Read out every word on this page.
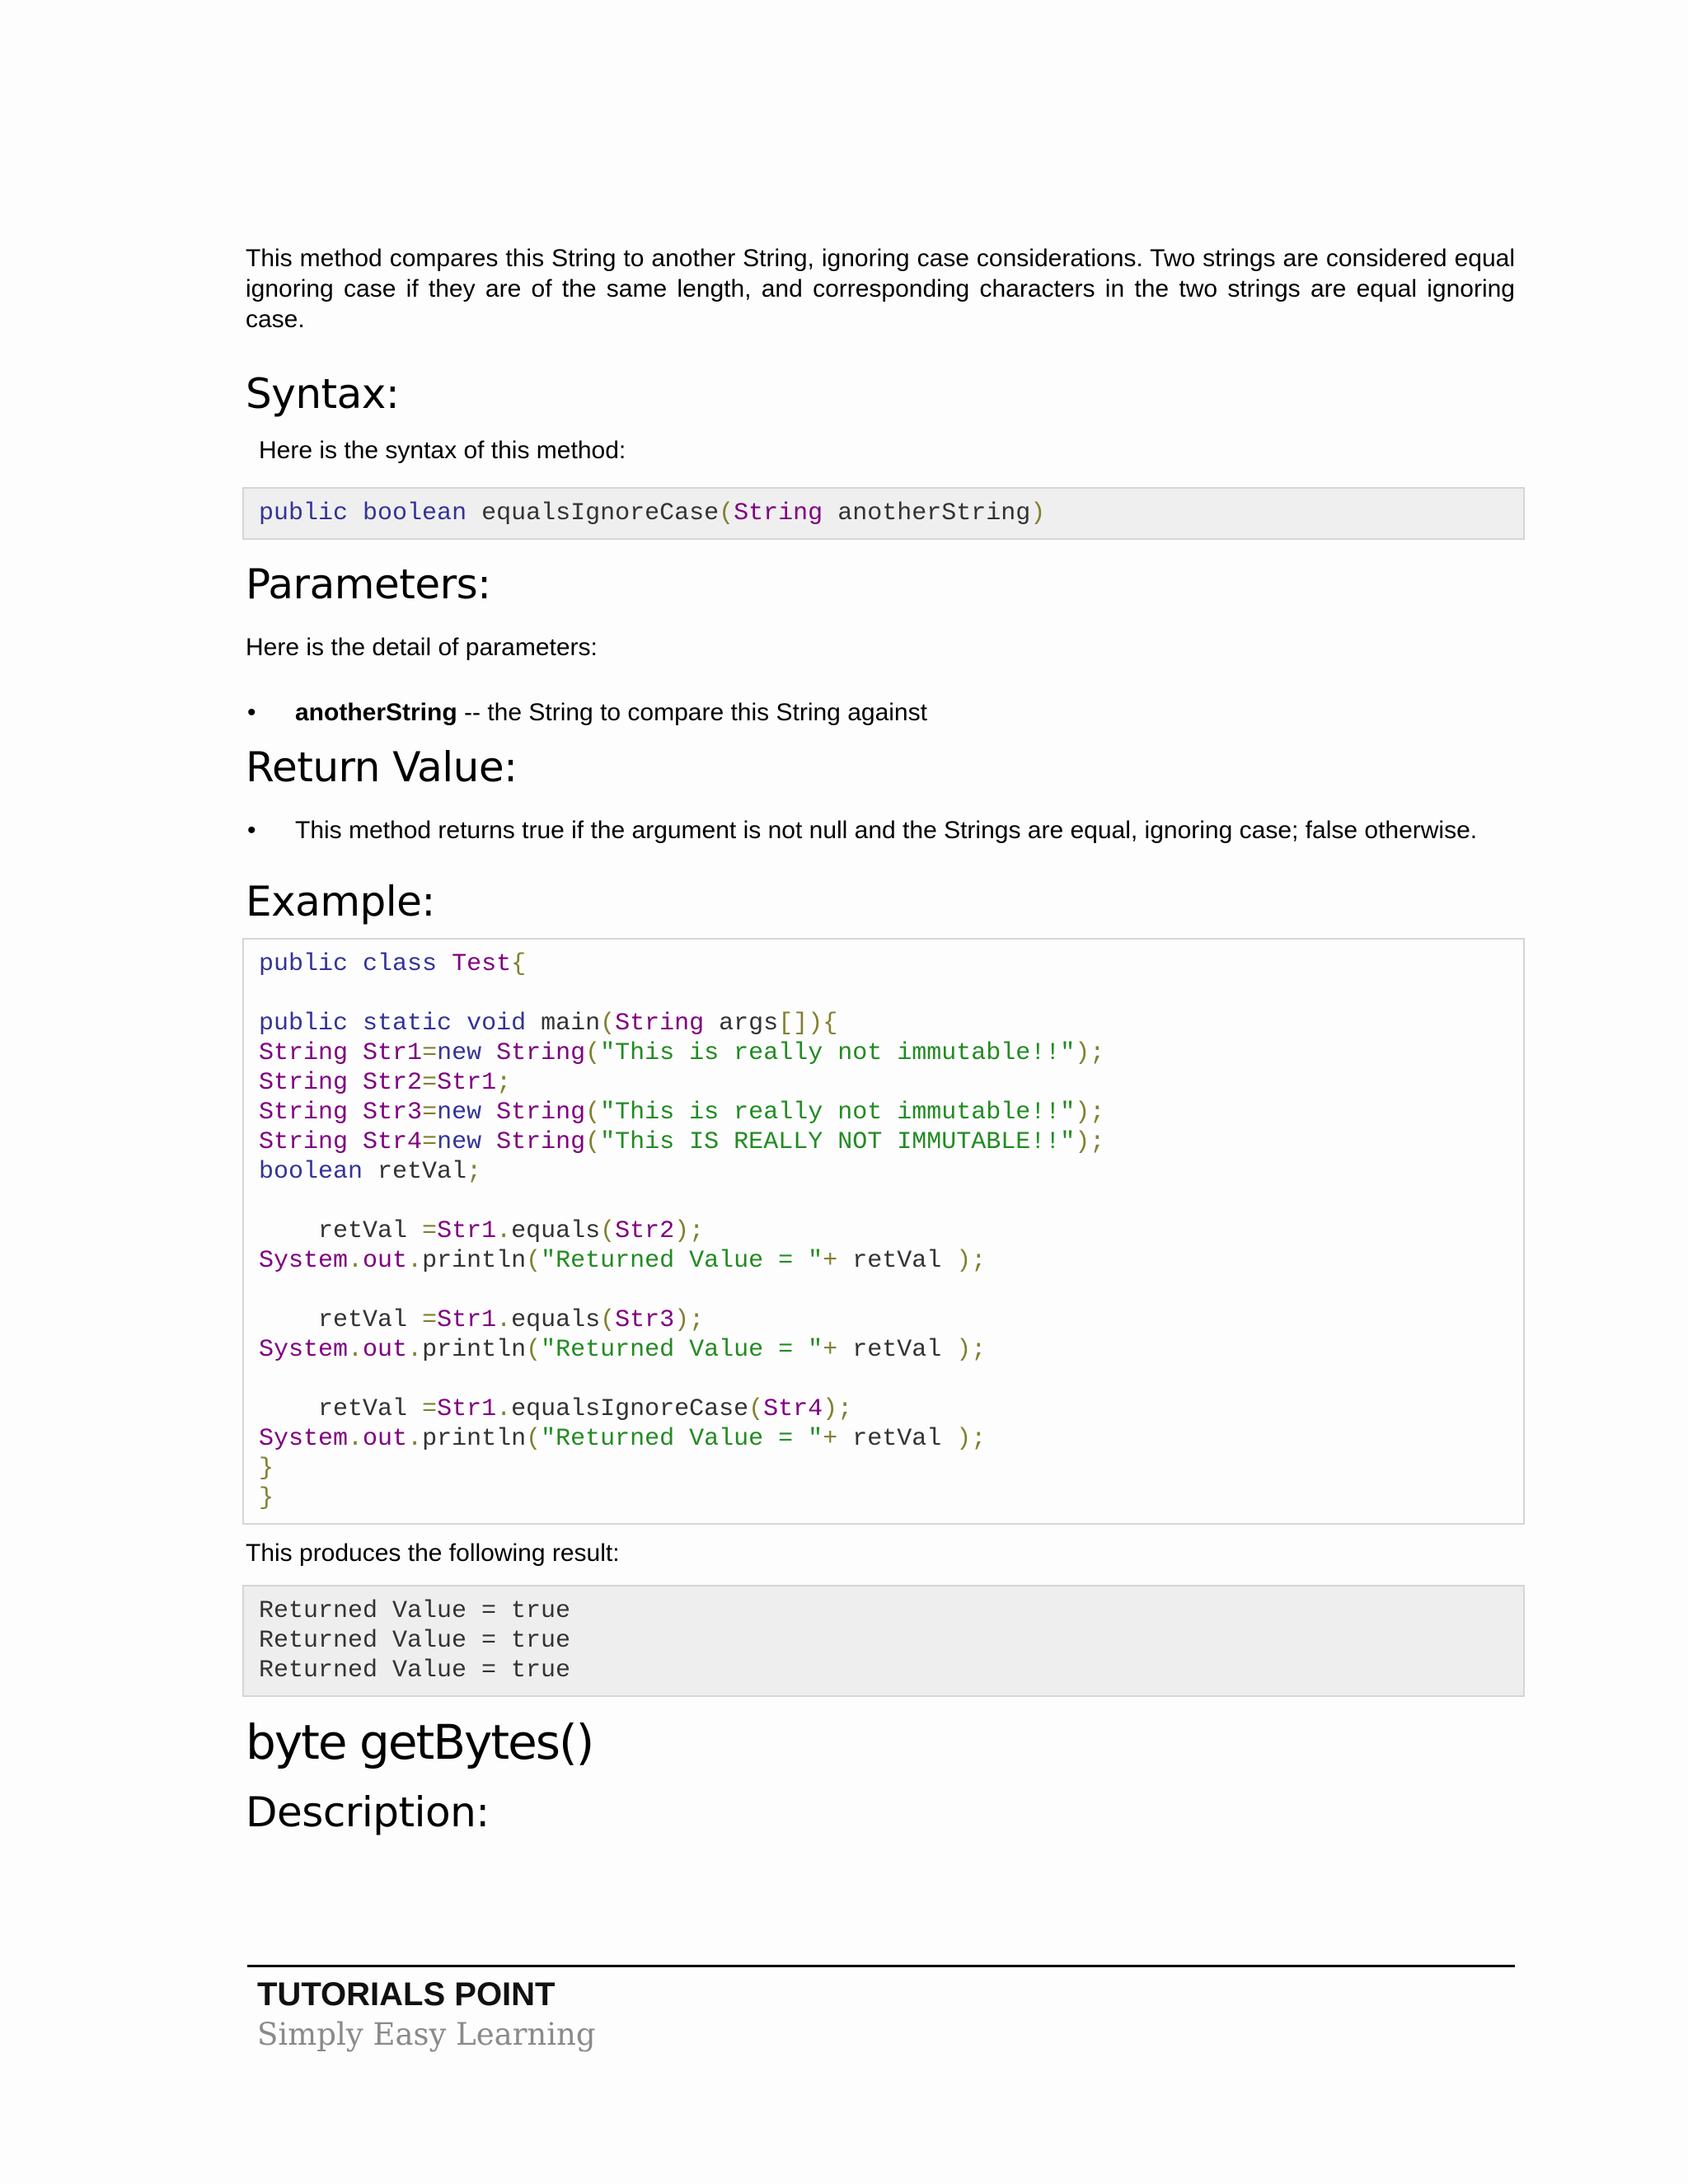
This method compares this String to another String, ignoring case considerations. Two strings are considered equal ignoring case if they are of the same length, and corresponding characters in the two strings are equal ignoring case.

Syntax:

Here is the syntax of this method:

public boolean equalsIgnoreCase(String anotherString)
Parameters:

Here is the detail of parameters:

• anotherString -- the String to compare this String against
Return Value:
• This method returns true if the argument is not null and the Strings are equal, ignoring case; false otherwise.
Example:
public class Test{
public static void main(String args[]){
String Str1=new String("This is really not immutable!!");
String Str2=Str1;
String Str3=new String("This is really not immutable!!");
String Str4=new String("This IS REALLY NOT IMMUTABLE!!");
boolean retVal;
retVal =Str1.equals(Str2);
System.out.println("Returned Value = "+ retVal );
retVal =Str1.equals(Str3);
System.out.println("Returned Value = "+ retVal );
retVal =Str1.equalsIgnoreCase(Str4);
System.out.println("Returned Value = "+ retVal );
}
}

This produces the following result:

Returned Value = true
Returned Value = true
Returned Value = true
byte getBytes()
Description:
TUTORIALS POINT
Simply Easy Learning
